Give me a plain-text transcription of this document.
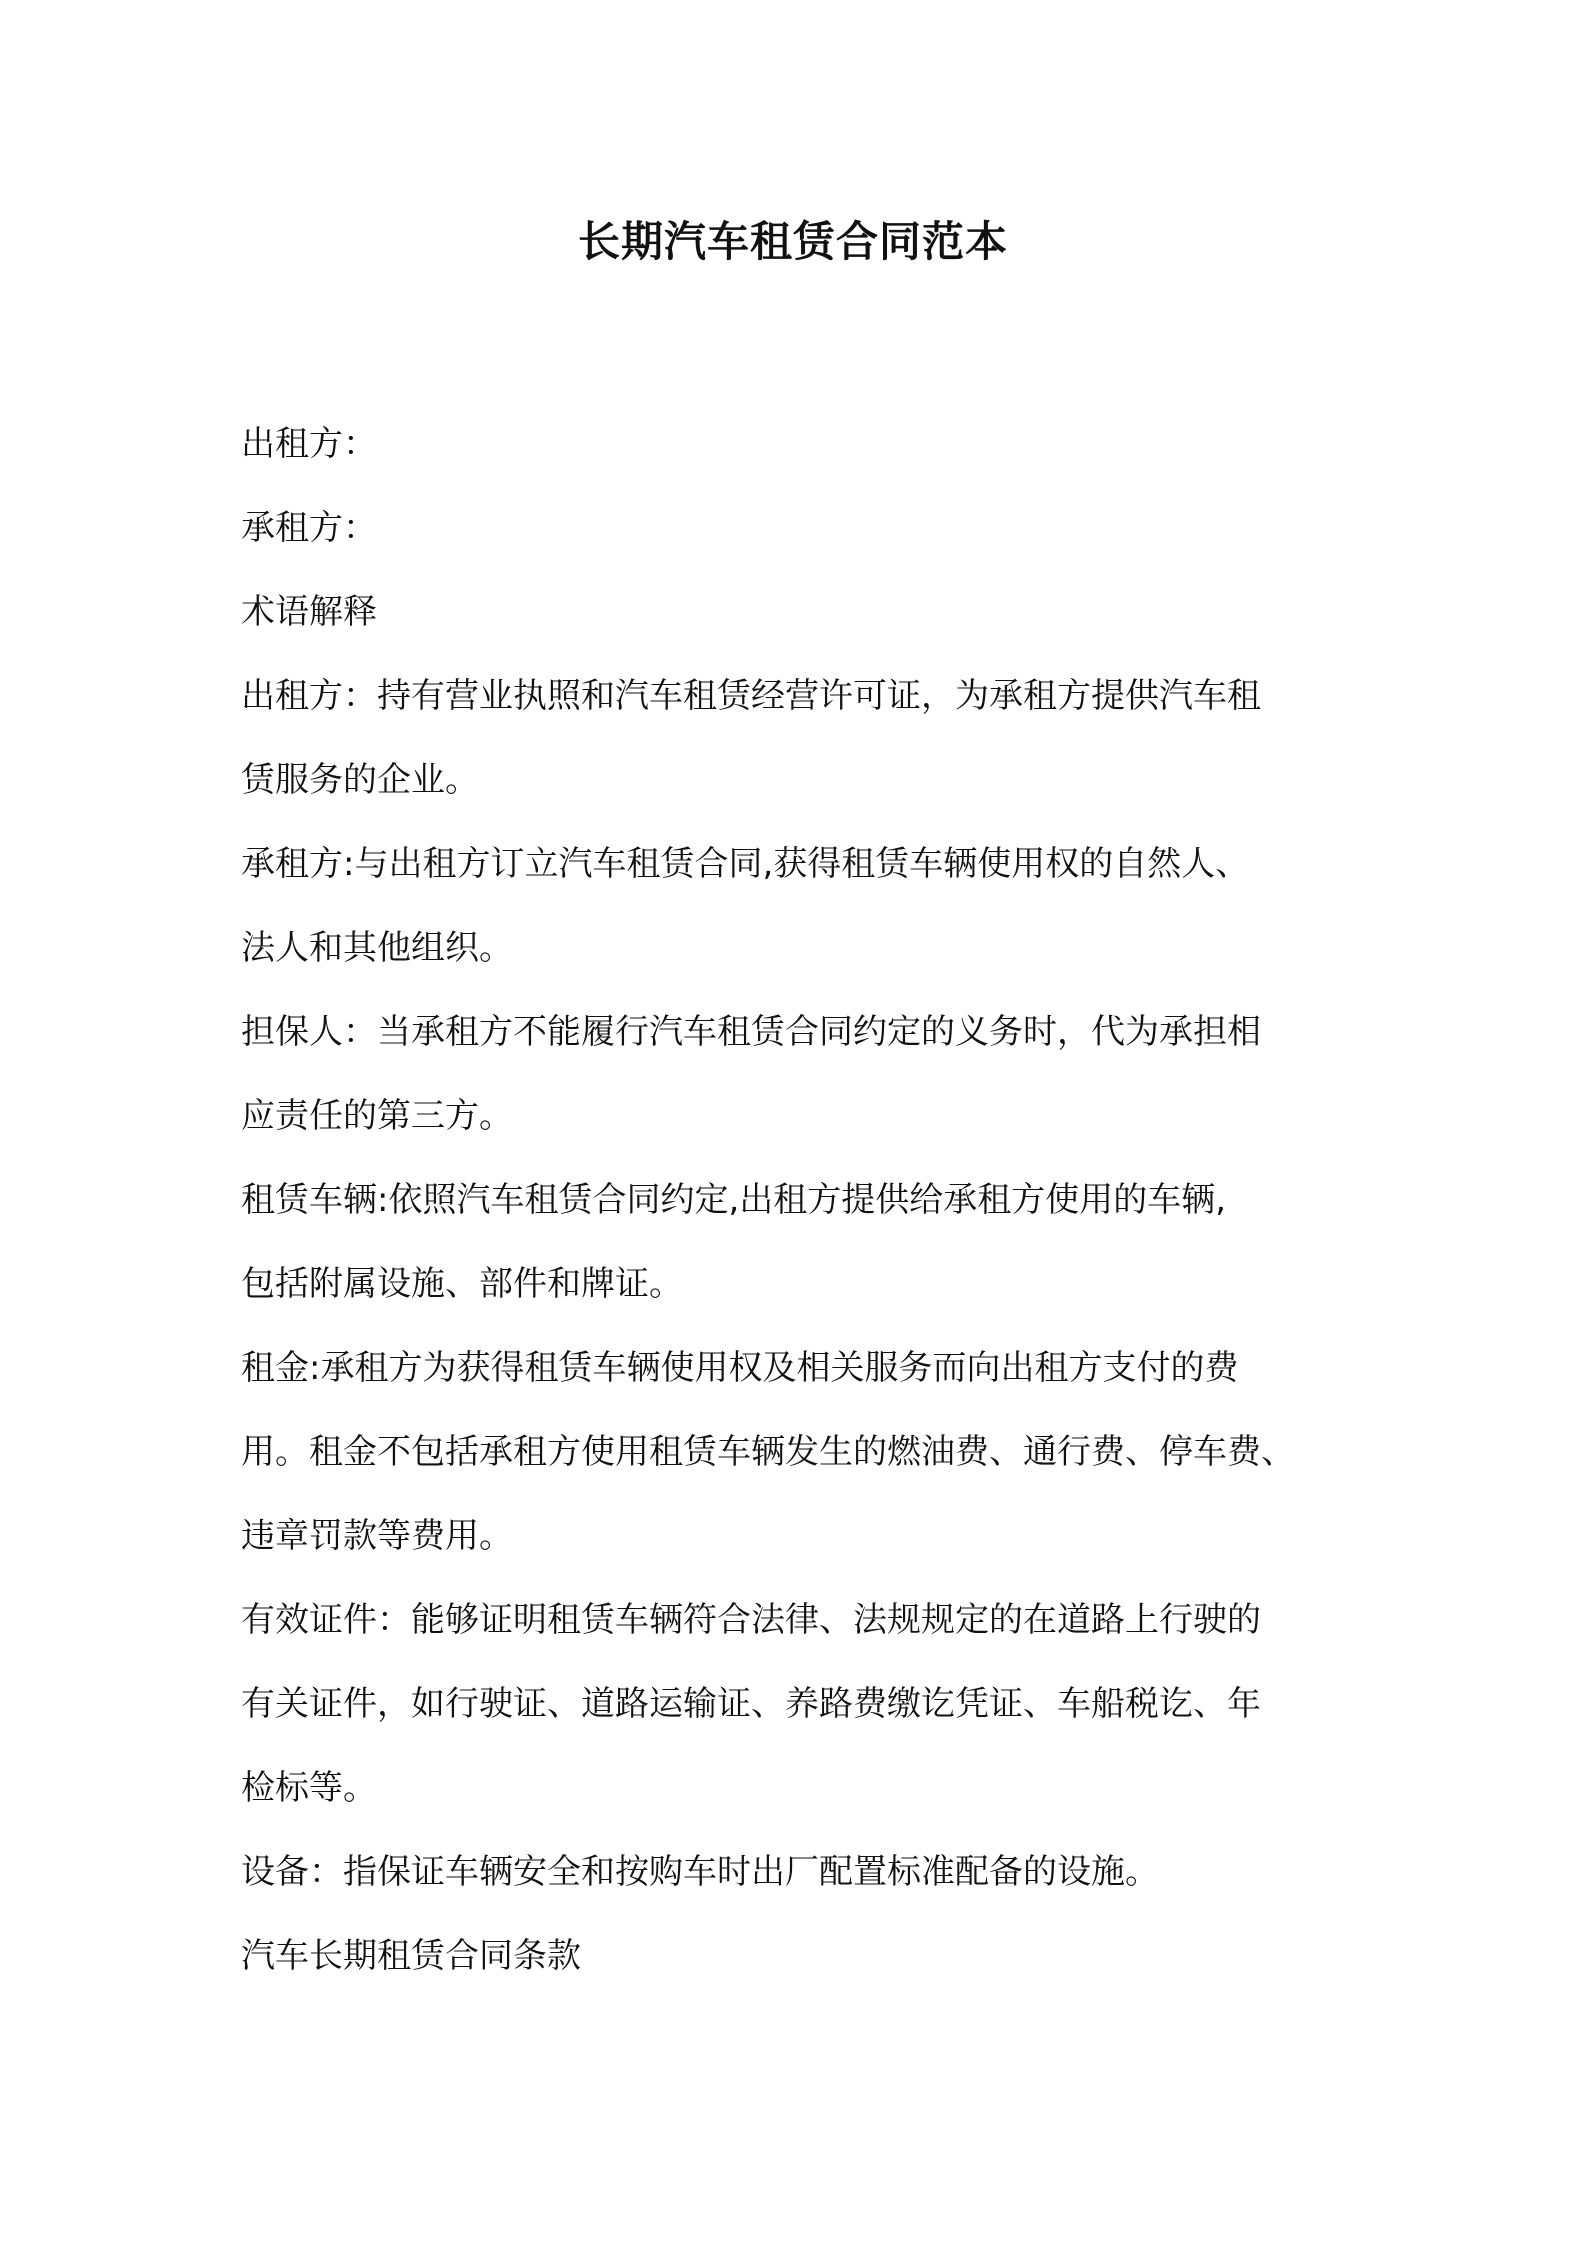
长期汽车租赁合同范本

出租方：

承租方：

术语解释

出租方：持有营业执照和汽车租赁经营许可证，为承租方提供汽车租

赁服务的企业。

承租方:与出租方订立汽车租赁合同,获得租赁车辆使用权的自然人、

法人和其他组织。

担保人：当承租方不能履行汽车租赁合同约定的义务时，代为承担相

应责任的第三方。

租赁车辆:依照汽车租赁合同约定,出租方提供给承租方使用的车辆,

包括附属设施、部件和牌证。

租金:承租方为获得租赁车辆使用权及相关服务而向出租方支付的费

用。租金不包括承租方使用租赁车辆发生的燃油费、通行费、停车费、

违章罚款等费用。

有效证件：能够证明租赁车辆符合法律、法规规定的在道路上行驶的

有关证件，如行驶证、道路运输证、养路费缴讫凭证、车船税讫、年

检标等。

设备：指保证车辆安全和按购车时出厂配置标准配备的设施。

汽车长期租赁合同条款
